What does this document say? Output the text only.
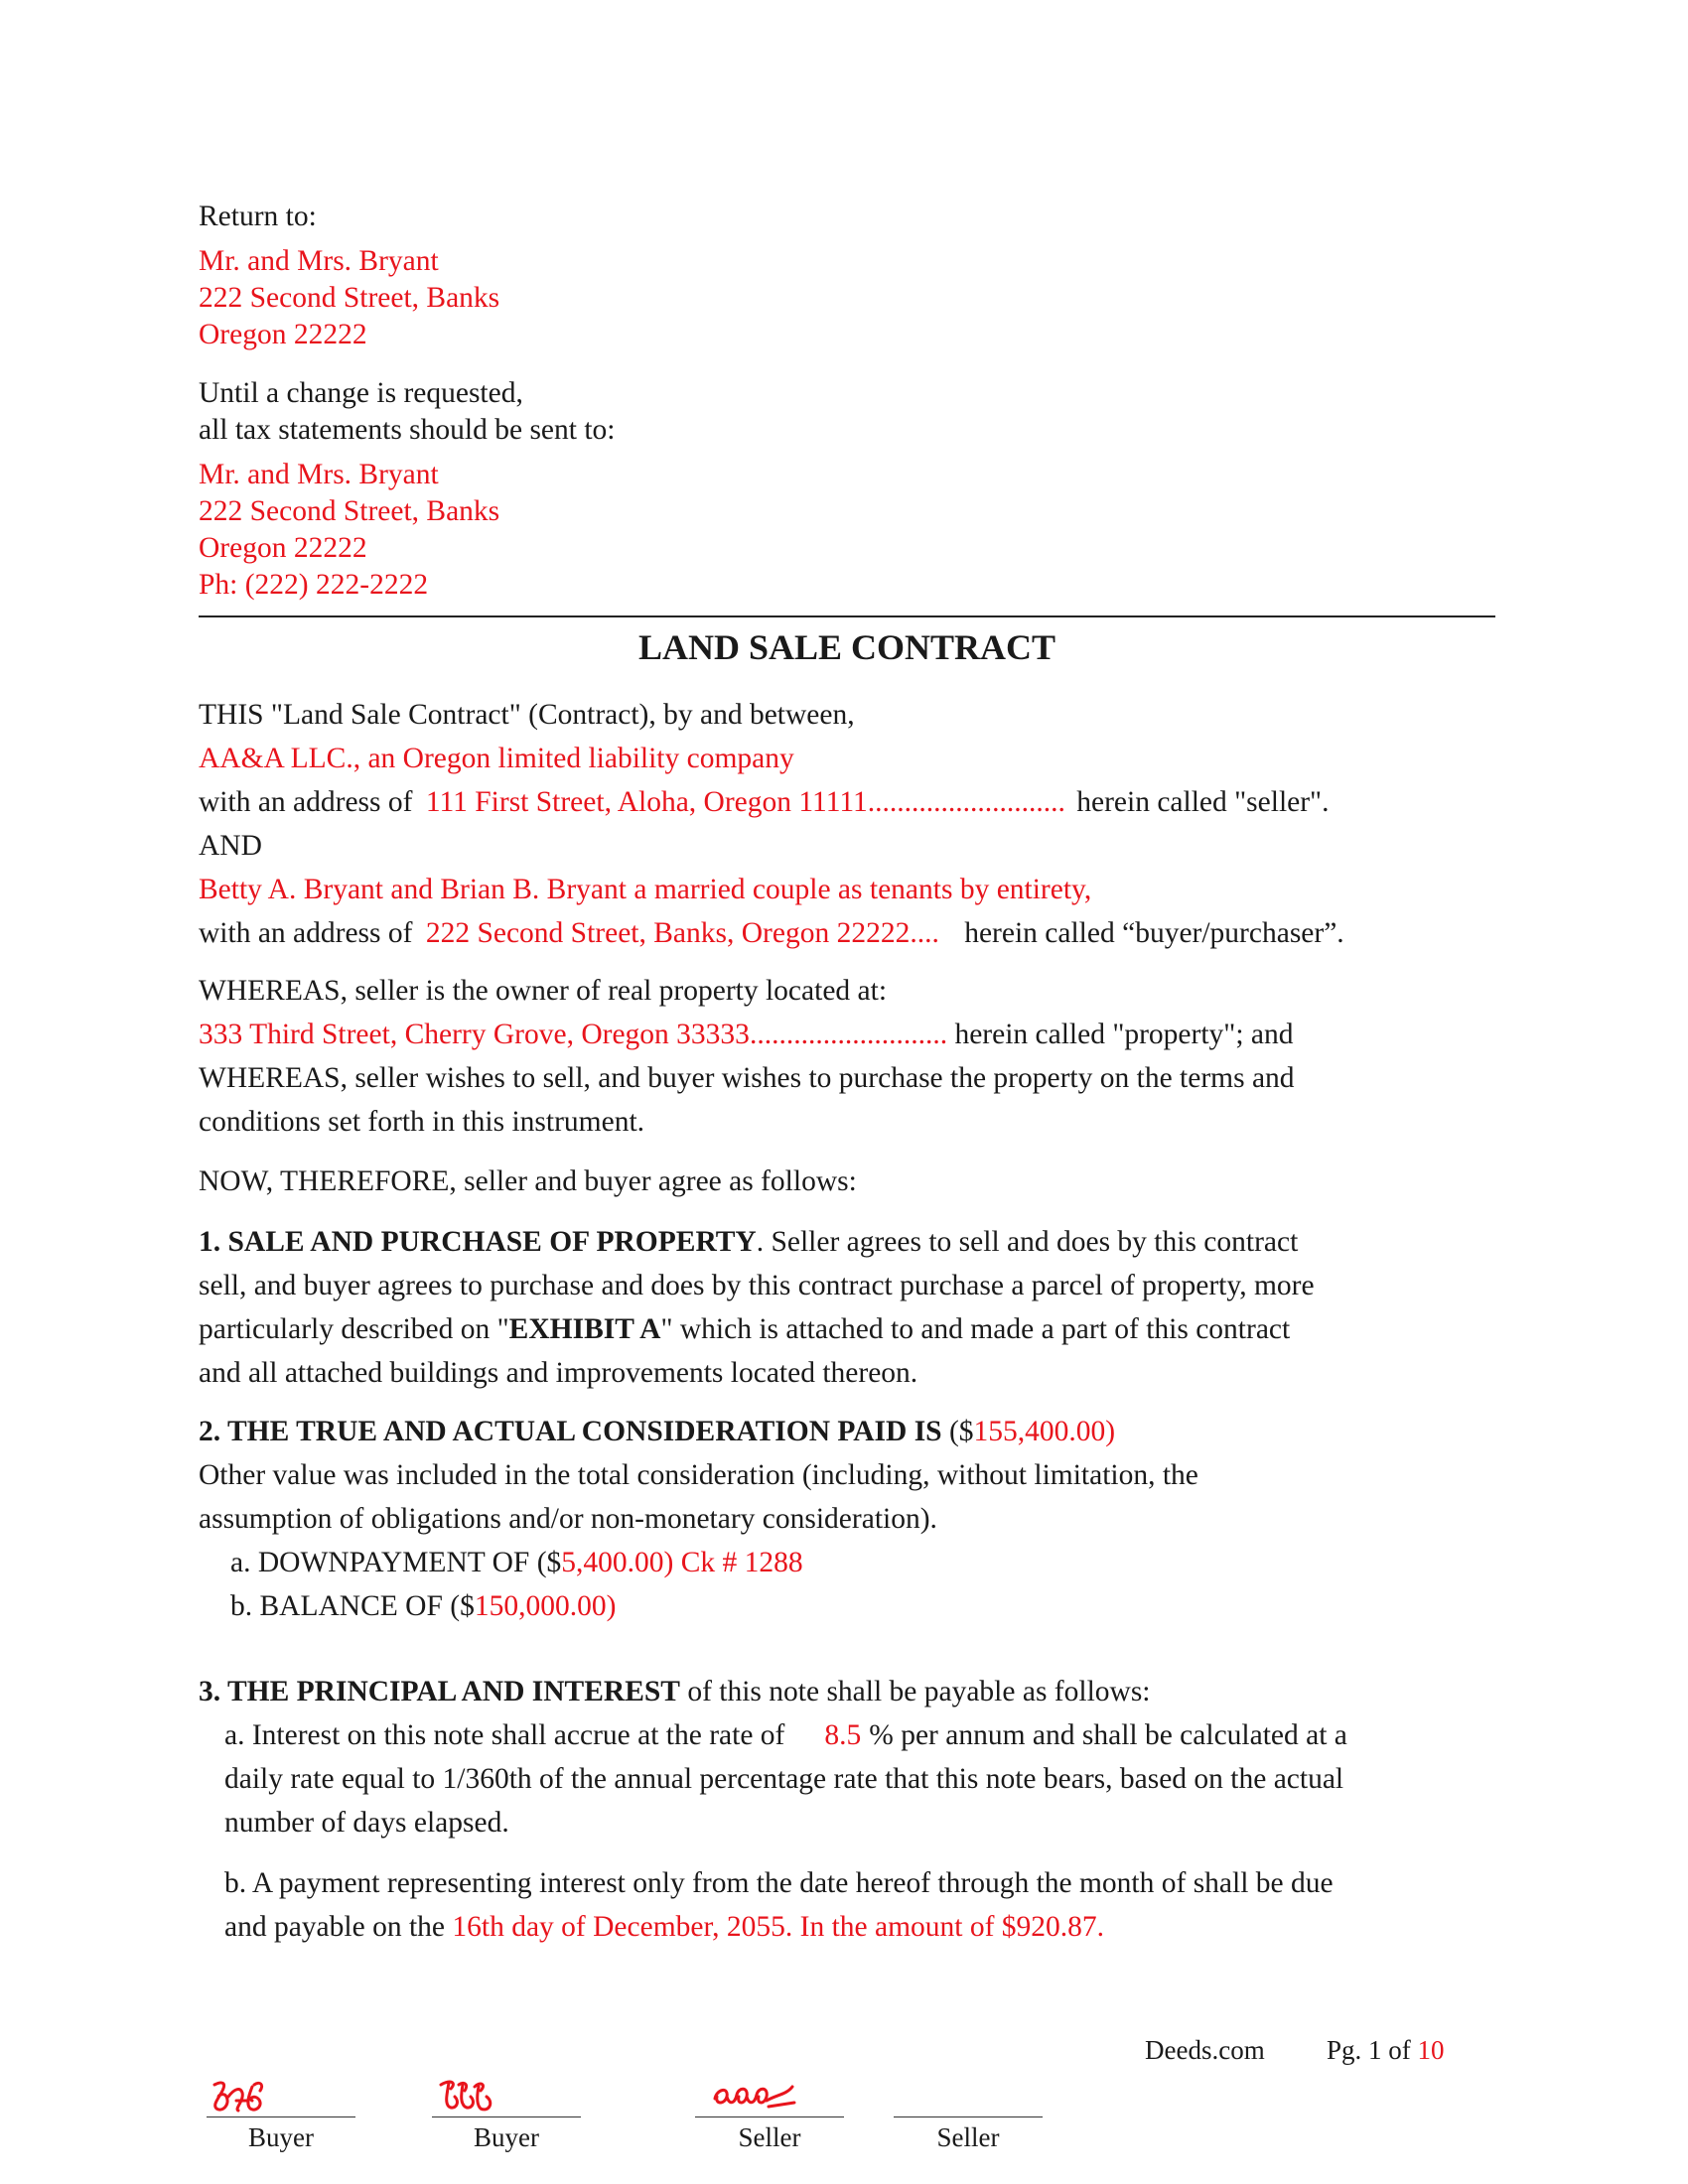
Return to:
Mr. and Mrs. Bryant
222 Second Street, Banks
Oregon 22222
Until a change is requested,
all tax statements should be sent to:
Mr. and Mrs. Bryant
222 Second Street, Banks
Oregon 22222
Ph: (222) 222-2222
LAND SALE CONTRACT
THIS "Land Sale Contract" (Contract), by and between,
AA&A LLC., an Oregon limited liability company
with an address of 111 First Street, Aloha, Oregon 11111........................... herein called "seller".
AND
Betty A. Bryant and Brian B. Bryant a married couple as tenants by entirety,
with an address of 222 Second Street, Banks, Oregon 22222.... herein called “buyer/purchaser”.
WHEREAS, seller is the owner of real property located at:
333 Third Street, Cherry Grove, Oregon 33333........................... herein called "property"; and
WHEREAS, seller wishes to sell, and buyer wishes to purchase the property on the terms and
conditions set forth in this instrument.
NOW, THEREFORE, seller and buyer agree as follows:
1. SALE AND PURCHASE OF PROPERTY. Seller agrees to sell and does by this contract
sell, and buyer agrees to purchase and does by this contract purchase a parcel of property, more
particularly described on "EXHIBIT A" which is attached to and made a part of this contract
and all attached buildings and improvements located thereon.
2. THE TRUE AND ACTUAL CONSIDERATION PAID IS ($155,400.00)
Other value was included in the total consideration (including, without limitation, the
assumption of obligations and/or non-monetary consideration).
a. DOWNPAYMENT OF ($5,400.00) Ck # 1288
b. BALANCE OF ($150,000.00)
3. THE PRINCIPAL AND INTEREST of this note shall be payable as follows:
a. Interest on this note shall accrue at the rate of 8.5 % per annum and shall be calculated at a
daily rate equal to 1/360th of the annual percentage rate that this note bears, based on the actual
number of days elapsed.
b. A payment representing interest only from the date hereof through the month of shall be due
and payable on the 16th day of December, 2055. In the amount of $920.87.
Deeds.com Pg. 1 of 10
Buyer	Buyer	Seller	Seller
